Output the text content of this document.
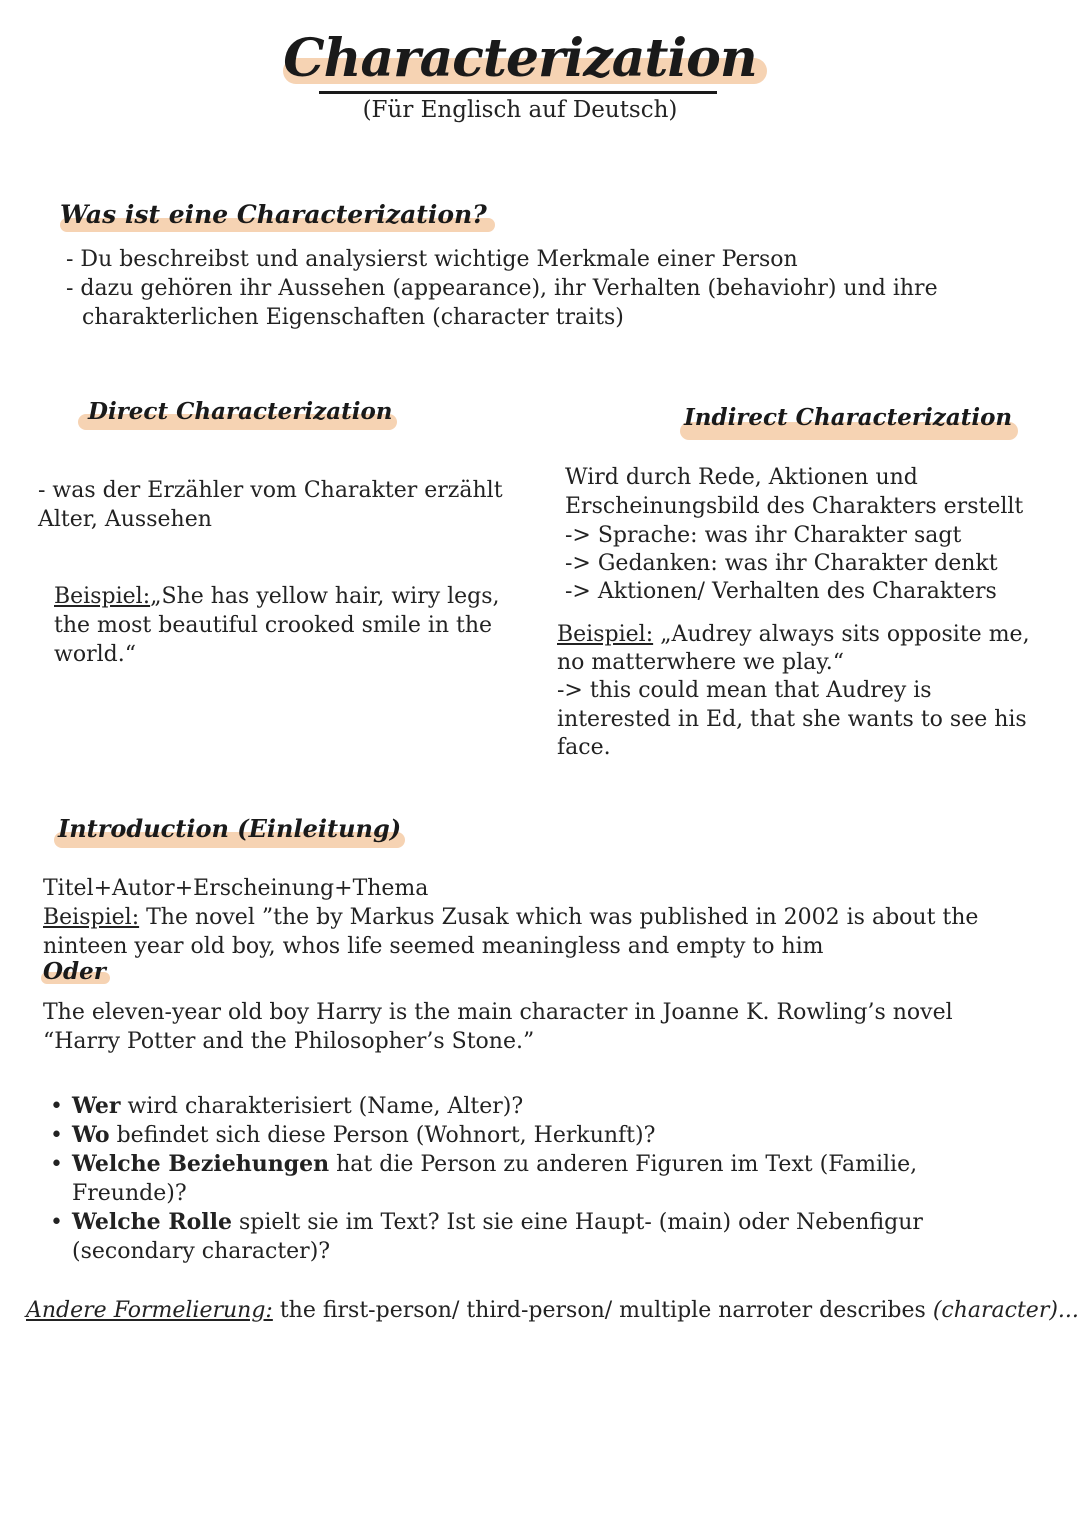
Characterization
(Für Englisch auf Deutsch)
Was ist eine Characterization?
- Du beschreibst und analysierst wichtige Merkmale einer Person
- dazu gehören ihr Aussehen (appearance), ihr Verhalten (behaviohr) und ihre
charakterlichen Eigenschaften (character traits)
Direct Characterization
- was der Erzähler vom Charakter erzählt
Alter, Aussehen
Beispiel:„She has yellow hair, wiry legs,
the most beautiful crooked smile in the
world.“
Indirect Characterization
Wird durch Rede, Aktionen und
Erscheinungsbild des Charakters erstellt
-> Sprache: was ihr Charakter sagt
-> Gedanken: was ihr Charakter denkt
-> Aktionen/ Verhalten des Charakters
Beispiel: „Audrey always sits opposite me,
no matterwhere we play.“
-> this could mean that Audrey is
interested in Ed, that she wants to see his
face.
Introduction (Einleitung)
Titel+Autor+Erscheinung+Thema
Beispiel: The novel ”the by Markus Zusak which was published in 2002 is about the
ninteen year old boy, whos life seemed meaningless and empty to him
Oder
The eleven-year old boy Harry is the main character in Joanne K. Rowling’s novel
“Harry Potter and the Philosopher’s Stone.”
• Wer wird charakterisiert (Name, Alter)?
• Wo befindet sich diese Person (Wohnort, Herkunft)?
• Welche Beziehungen hat die Person zu anderen Figuren im Text (Familie, Freunde)?
• Welche Rolle spielt sie im Text? Ist sie eine Haupt- (main) oder Nebenfigur (secondary character)?
Andere Formelierung: the first-person/ third-person/ multiple narroter describes (character)...
